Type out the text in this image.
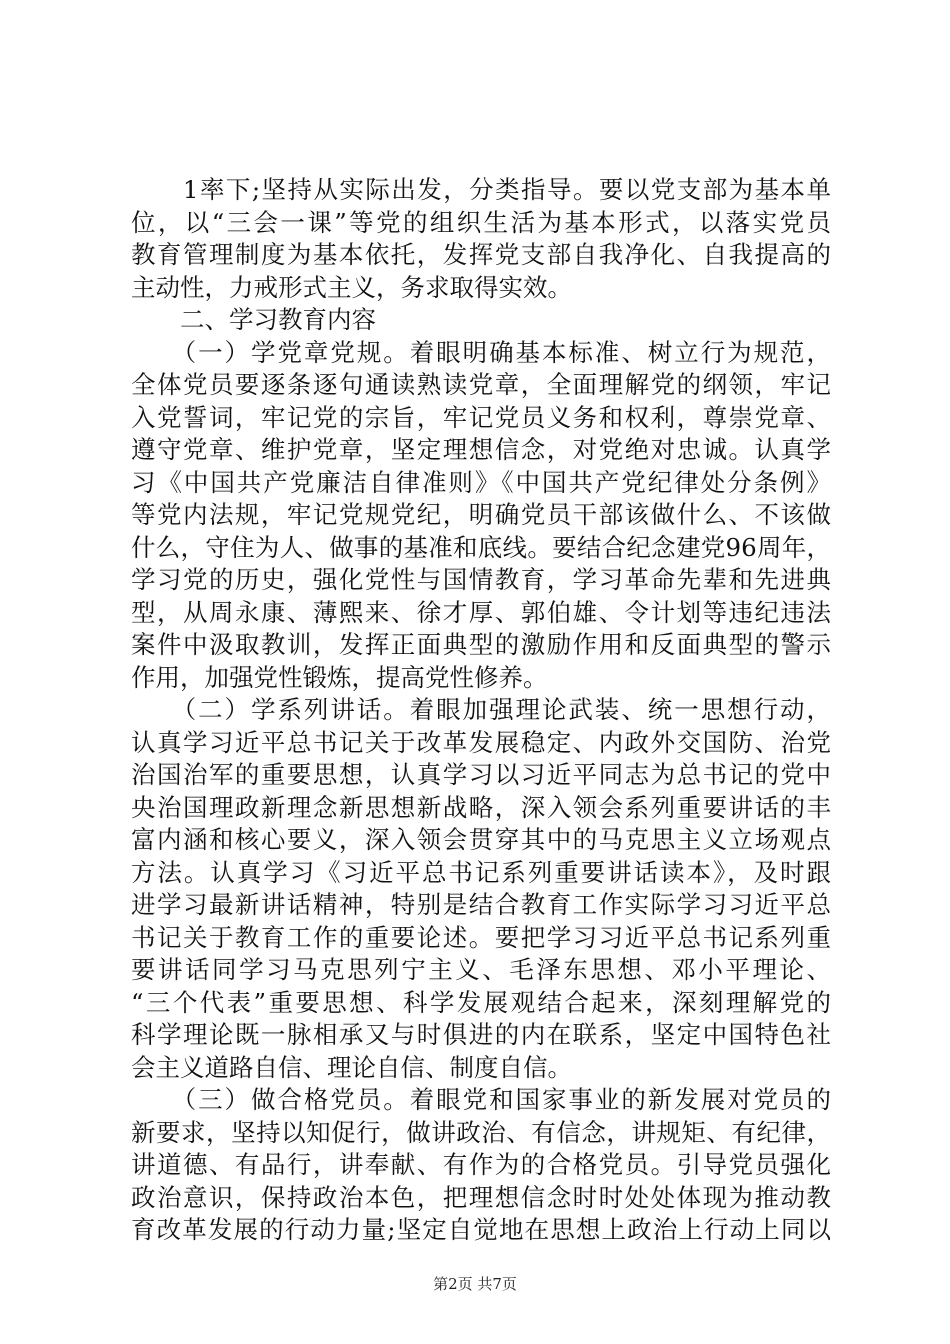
　　1率下;坚持从实际出发，分类指导。要以党支部为基本单
位，以“三会一课”等党的组织生活为基本形式，以落实党员
教育管理制度为基本依托，发挥党支部自我净化、自我提高的
主动性，力戒形式主义，务求取得实效。
　　二、学习教育内容
　　（一）学党章党规。着眼明确基本标准、树立行为规范，
全体党员要逐条逐句通读熟读党章，全面理解党的纲领，牢记
入党誓词，牢记党的宗旨，牢记党员义务和权利，尊崇党章、
遵守党章、维护党章，坚定理想信念，对党绝对忠诚。认真学
习《中国共产党廉洁自律准则》《中国共产党纪律处分条例》
等党内法规，牢记党规党纪，明确党员干部该做什么、不该做
什么，守住为人、做事的基准和底线。要结合纪念建党96周年，
学习党的历史，强化党性与国情教育，学习革命先辈和先进典
型，从周永康、薄熙来、徐才厚、郭伯雄、令计划等违纪违法
案件中汲取教训，发挥正面典型的激励作用和反面典型的警示
作用，加强党性锻炼，提高党性修养。
　　（二）学系列讲话。着眼加强理论武装、统一思想行动，
认真学习近平总书记关于改革发展稳定、内政外交国防、治党
治国治军的重要思想，认真学习以习近平同志为总书记的党中
央治国理政新理念新思想新战略，深入领会系列重要讲话的丰
富内涵和核心要义，深入领会贯穿其中的马克思主义立场观点
方法。认真学习《习近平总书记系列重要讲话读本》，及时跟
进学习最新讲话精神，特别是结合教育工作实际学习习近平总
书记关于教育工作的重要论述。要把学习习近平总书记系列重
要讲话同学习马克思列宁主义、毛泽东思想、邓小平理论、
“三个代表”重要思想、科学发展观结合起来，深刻理解党的
科学理论既一脉相承又与时俱进的内在联系，坚定中国特色社
会主义道路自信、理论自信、制度自信。
　　（三）做合格党员。着眼党和国家事业的新发展对党员的
新要求，坚持以知促行，做讲政治、有信念，讲规矩、有纪律，
讲道德、有品行，讲奉献、有作为的合格党员。引导党员强化
政治意识，保持政治本色，把理想信念时时处处体现为推动教
育改革发展的行动力量;坚定自觉地在思想上政治上行动上同以
第2页 共7页
